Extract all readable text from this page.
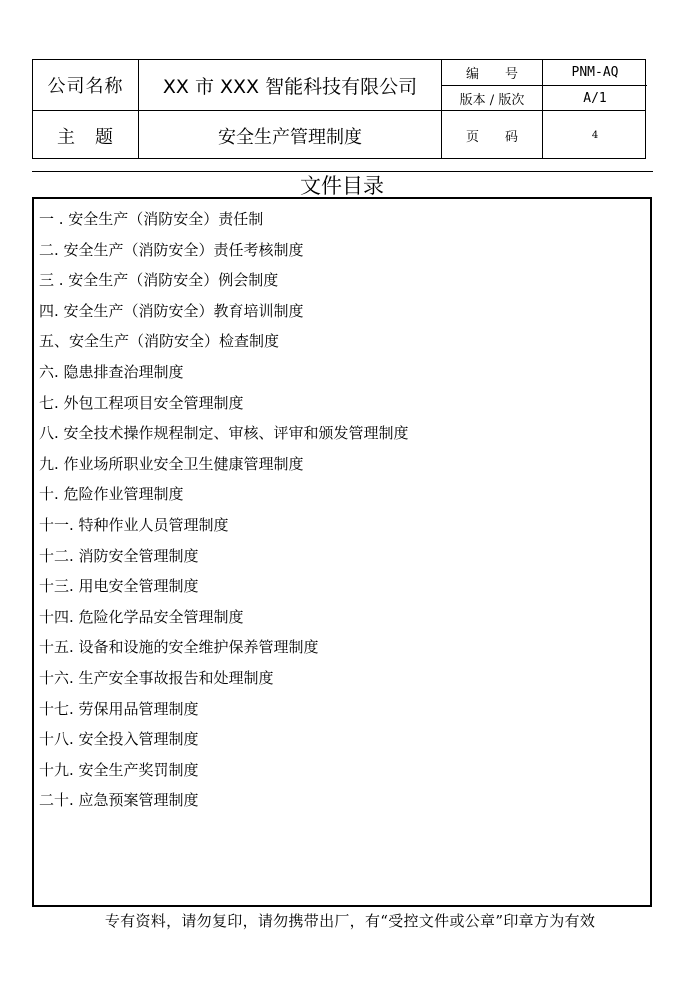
公司名称	XX 市 XXX 智能科技有限公司
编　　号	PNM-AQ
版本 / 版次	A/1
主　题	安全生产管理制度	页　　码	4
文件目录
一 . 安全生产（消防安全）责任制
二. 安全生产（消防安全）责任考核制度
三 . 安全生产（消防安全）例会制度
四. 安全生产（消防安全）教育培训制度
五、安全生产（消防安全）检查制度
六. 隐患排查治理制度
七. 外包工程项目安全管理制度
八. 安全技术操作规程制定、审核、评审和颁发管理制度
九. 作业场所职业安全卫生健康管理制度
十. 危险作业管理制度
十一. 特种作业人员管理制度
十二. 消防安全管理制度
十三. 用电安全管理制度
十四. 危险化学品安全管理制度
十五. 设备和设施的安全维护保养管理制度
十六. 生产安全事故报告和处理制度
十七. 劳保用品管理制度
十八. 安全投入管理制度
十九. 安全生产奖罚制度
二十. 应急预案管理制度
专有资料，请勿复印，请勿携带出厂，有“受控文件或公章”印章方为有效
